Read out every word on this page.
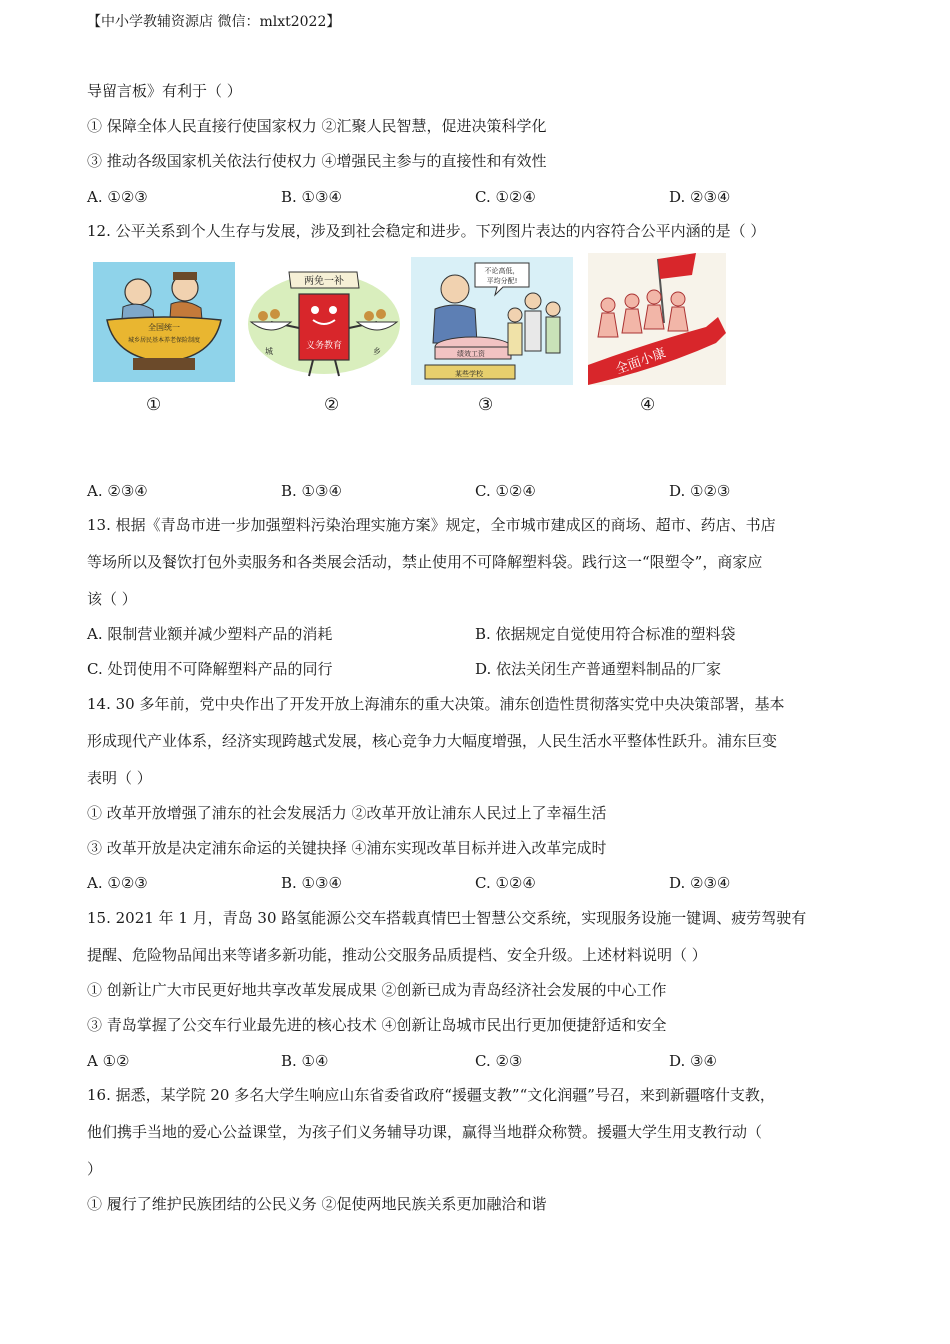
【中小学教辅资源店 微信：mlxt2022】
导留言板》有利于（ ）
① 保障全体人民直接行使国家权力 ②汇聚人民智慧，促进决策科学化
③ 推动各级国家机关依法行使权力 ④增强民主参与的直接性和有效性
A. ①②③	B. ①③④	C. ①②④	D. ②③④
12. 公平关系到个人生存与发展，涉及到社会稳定和进步。下列图片表达的内容符合公平内涵的是（ ）
全国统一
城乡居民基本养老保险制度
两免一补
义务教育
城	乡
不论高低，
平均分配!
绩效工资
某些学校	全面小康
①	②	③	④
A. ②③④	B. ①③④	C. ①②④	D. ①②③
13. 根据《青岛市进一步加强塑料污染治理实施方案》规定，全市城市建成区的商场、超市、药店、书店
等场所以及餐饮打包外卖服务和各类展会活动，禁止使用不可降解塑料袋。践行这一“限塑令”，商家应
该（ ）
A. 限制营业额并减少塑料产品的消耗	B. 依据规定自觉使用符合标准的塑料袋
C. 处罚使用不可降解塑料产品的同行	D. 依法关闭生产普通塑料制品的厂家
14. 30 多年前，党中央作出了开发开放上海浦东的重大决策。浦东创造性贯彻落实党中央决策部署，基本
形成现代产业体系，经济实现跨越式发展，核心竞争力大幅度增强，人民生活水平整体性跃升。浦东巨变
表明（ ）
① 改革开放增强了浦东的社会发展活力 ②改革开放让浦东人民过上了幸福生活
③ 改革开放是决定浦东命运的关键抉择 ④浦东实现改革目标并进入改革完成时
A. ①②③	B. ①③④	C. ①②④	D. ②③④
15. 2021 年 1 月，青岛 30 路氢能源公交车搭载真情巴士智慧公交系统，实现服务设施一键调、疲劳驾驶有
提醒、危险物品闻出来等诸多新功能，推动公交服务品质提档、安全升级。上述材料说明（ ）
① 创新让广大市民更好地共享改革发展成果 ②创新已成为青岛经济社会发展的中心工作
③ 青岛掌握了公交车行业最先进的核心技术 ④创新让岛城市民出行更加便捷舒适和安全
A ①②	B. ①④	C. ②③	D. ③④
16. 据悉，某学院 20 多名大学生响应山东省委省政府“援疆支教”“文化润疆”号召，来到新疆喀什支教，
他们携手当地的爱心公益课堂，为孩子们义务辅导功课，赢得当地群众称赞。援疆大学生用支教行动（
）
① 履行了维护民族团结的公民义务 ②促使两地民族关系更加融洽和谐
